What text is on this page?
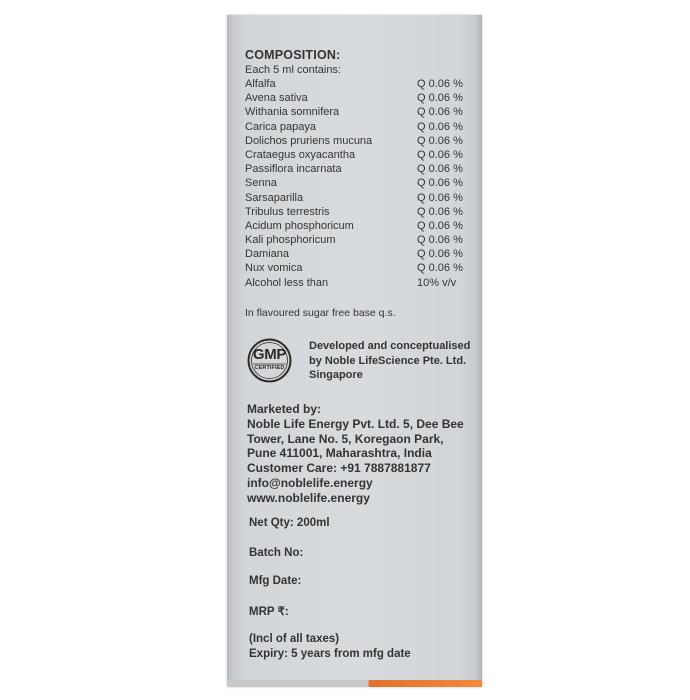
COMPOSITION:

Each 5 ml contains:

Alfalfa	Q 0.06 %
Avena sativa	Q 0.06 %
Withania somnifera	Q 0.06 %
Carica papaya	Q 0.06 %
Dolichos pruriens mucuna	Q 0.06 %
Crataegus oxyacantha	Q 0.06 %
Passiflora incarnata	Q 0.06 %
Senna	Q 0.06 %
Sarsaparilla	Q 0.06 %
Tribulus terrestris	Q 0.06 %
Acidum phosphoricum	Q 0.06 %
Kali phosphoricum	Q 0.06 %
Damiana	Q 0.06 %
Nux vomica	Q 0.06 %
Alcohol less than	10% v/v
In flavoured sugar free base q.s.
GMP
CERTIFIED
Developed and conceptualised
by Noble LifeScience Pte. Ltd.
Singapore
Marketed by:
Noble Life Energy Pvt. Ltd. 5, Dee Bee
Tower, Lane No. 5, Koregaon Park,
Pune 411001, Maharashtra, India
Customer Care: +91 7887881877
info@noblelife.energy
www.noblelife.energy
Net Qty: 200ml
Batch No:
Mfg Date:
MRP ₹:
(Incl of all taxes)
Expiry: 5 years from mfg date
